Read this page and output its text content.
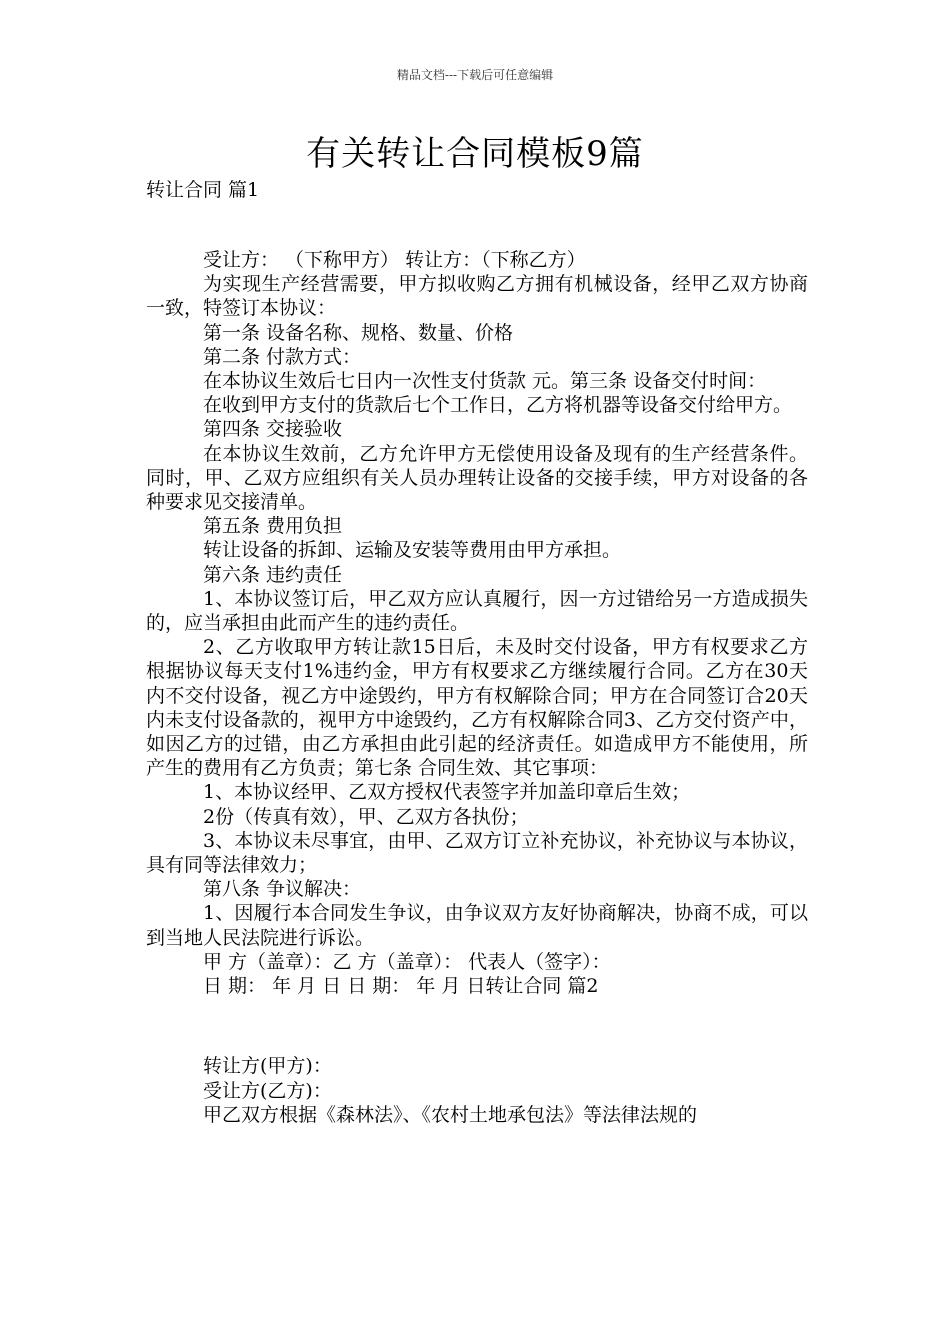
精品文档---下载后可任意编辑
有关转让合同模板9篇
转让合同 篇1

受让方： （下称甲方） 转让方：（下称乙方）

为实现生产经营需要，甲方拟收购乙方拥有机械设备，经甲乙双方协商一致，特签订本协议：

第一条 设备名称、规格、数量、价格

第二条 付款方式：

在本协议生效后七日内一次性支付货款 元。第三条 设备交付时间：

在收到甲方支付的货款后七个工作日，乙方将机器等设备交付给甲方。

第四条 交接验收

在本协议生效前，乙方允许甲方无偿使用设备及现有的生产经营条件。同时，甲、乙双方应组织有关人员办理转让设备的交接手续，甲方对设备的各种要求见交接清单。

第五条 费用负担

转让设备的拆卸、运输及安装等费用由甲方承担。

第六条 违约责任

1、本协议签订后，甲乙双方应认真履行，因一方过错给另一方造成损失的，应当承担由此而产生的违约责任。

2、乙方收取甲方转让款15日后，未及时交付设备，甲方有权要求乙方根据协议每天支付1%违约金，甲方有权要求乙方继续履行合同。乙方在30天内不交付设备，视乙方中途毁约，甲方有权解除合同；甲方在合同签订合20天内未支付设备款的，视甲方中途毁约，乙方有权解除合同3、乙方交付资产中，如因乙方的过错，由乙方承担由此引起的经济责任。如造成甲方不能使用，所产生的费用有乙方负责；第七条 合同生效、其它事项：

1、本协议经甲、乙双方授权代表签字并加盖印章后生效；

2份（传真有效），甲、乙双方各执份；

3、本协议未尽事宜，由甲、乙双方订立补充协议，补充协议与本协议，具有同等法律效力；

第八条 争议解决：

1、因履行本合同发生争议，由争议双方友好协商解决，协商不成，可以到当地人民法院进行诉讼。

甲 方（盖章）：乙 方（盖章）： 代表人（签字）：

日 期： 年 月 日 日 期： 年 月 日转让合同 篇2

转让方(甲方)：

受让方(乙方)：

甲乙双方根据《森林法》、《农村土地承包法》等法律法规的
